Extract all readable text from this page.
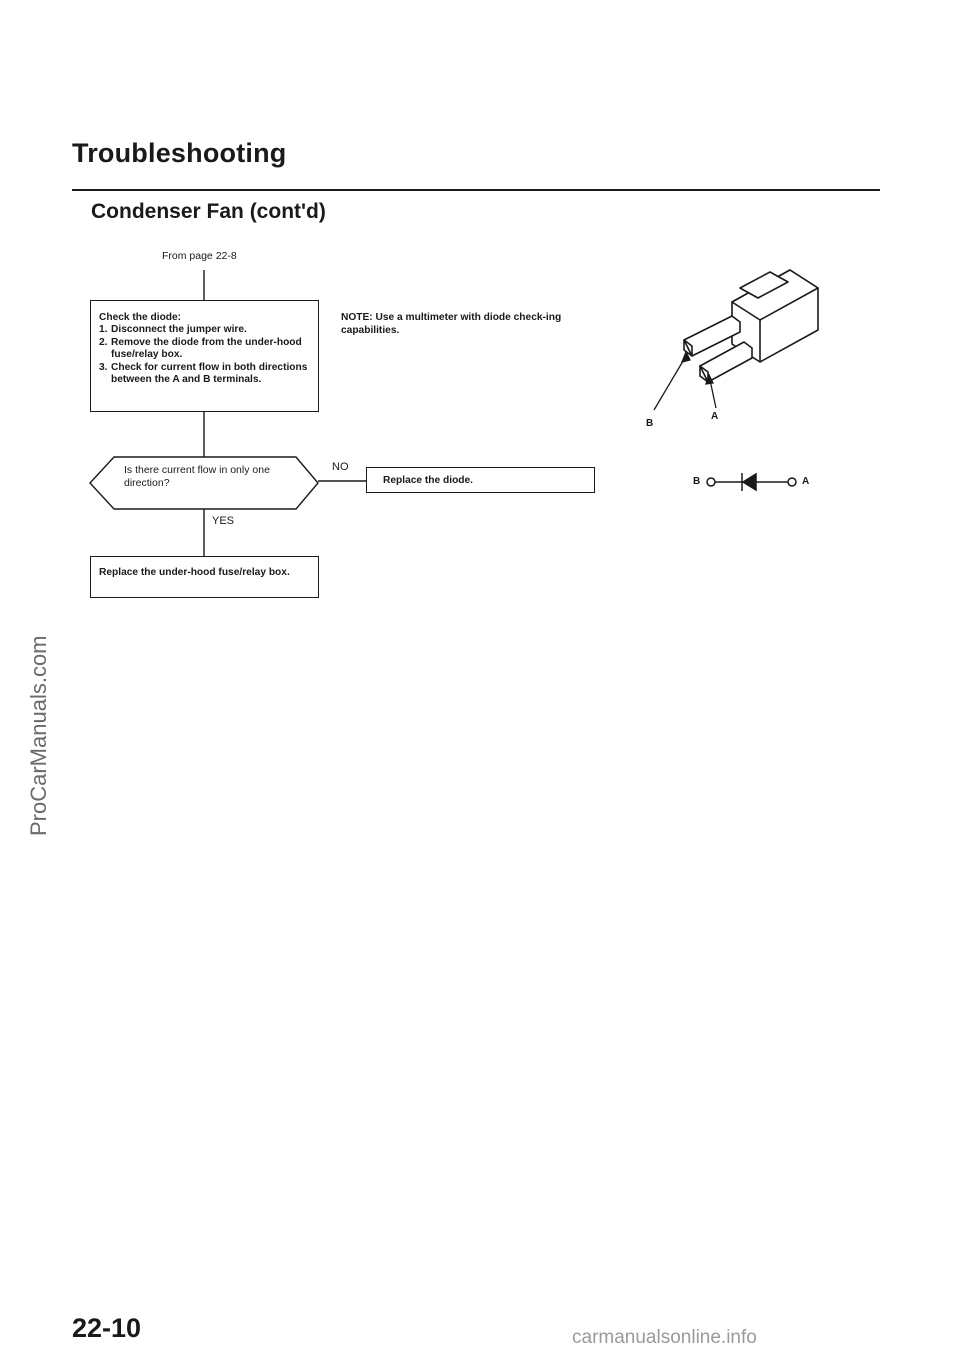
Troubleshooting
Condenser Fan (cont'd)
From page 22-8
Check the diode:
1. Disconnect the jumper wire.
2. Remove the diode from the under-hood fuse/relay box.
3. Check for current flow in both directions between the A and B terminals.
NOTE: Use a multimeter with diode check-ing capabilities.
Is there current flow in only one direction?
NO
YES
Replace the diode.
Replace the under-hood fuse/relay box.
B
A
B	A
ProCarManuals.com
22-10	carmanualsonline.info
